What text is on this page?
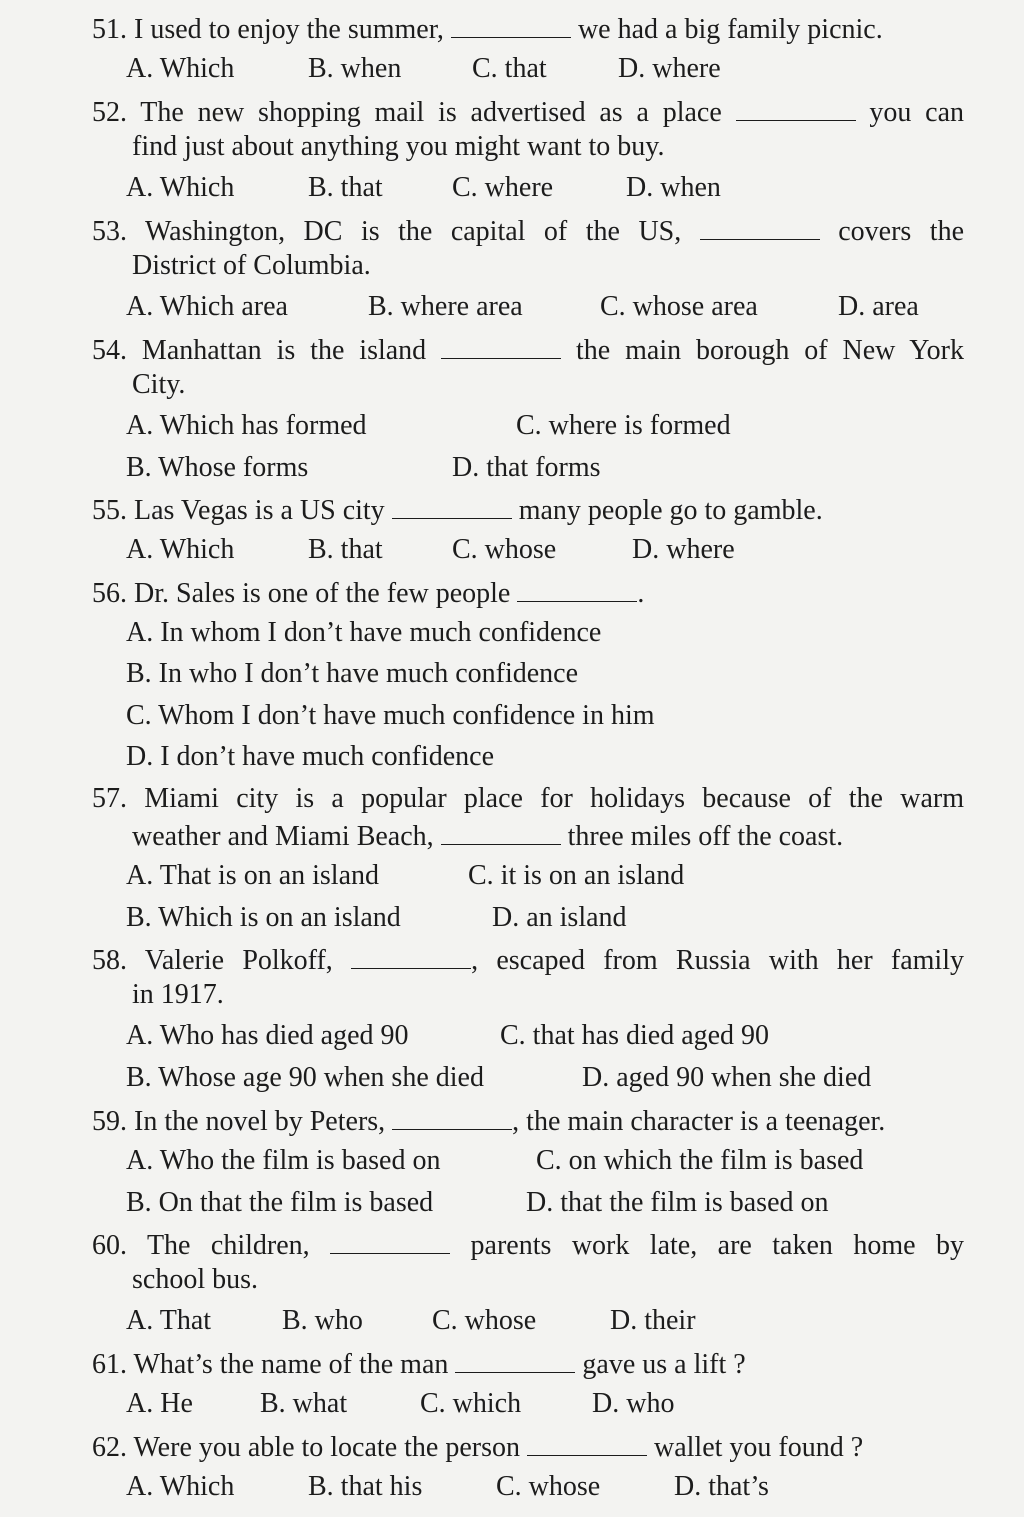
51. I used to enjoy the summer,	we had a big family picnic.
A. Which	B. when	C. that	D. where
52. The new shopping mail is advertised as a place	you can
find just about anything you might want to buy.
A. Which	B. that C. where	D. when
53. Washington, DC is the capital of the US,	covers the
District of Columbia.
A. Which area	B. where area	C. whose area	D. area
54. Manhattan is the island	the main borough of New York
City.
A. Which has formed	C. where is formed
B. Whose forms	D. that forms
55. Las Vegas is a US city	many people go to gamble.
A. Which	B. that C. whose	D. where
56. Dr. Sales is one of the few people	.
A. In whom I don’t have much confidence
B. In who I don’t have much confidence
C. Whom I don’t have much confidence in him
D. I don’t have much confidence
57. Miami city is a popular place for holidays because of the warm
weather and Miami Beach,	three miles off the coast.
A. That is on an island	C. it is on an island
B. Which is on an island	D. an island
58. Valerie Polkoff,	, escaped from Russia with her family
in 1917.
A. Who has died aged 90	C. that has died aged 90
B. Whose age 90 when she died	D. aged 90 when she died
59. In the novel by Peters,	, the main character is a teenager.
A. Who the film is based on	C. on which the film is based
B. On that the film is based	D. that the film is based on
60. The children,	parents work late, are taken home by
school bus.
A. That	B. who C. whose	D. their
61. What’s the name of the man	gave us a lift ?
A. He B. what	C. which	D. who
62. Were you able to locate the person	wallet you found ?
A. Which	B. that his	C. whose	D. that’s
